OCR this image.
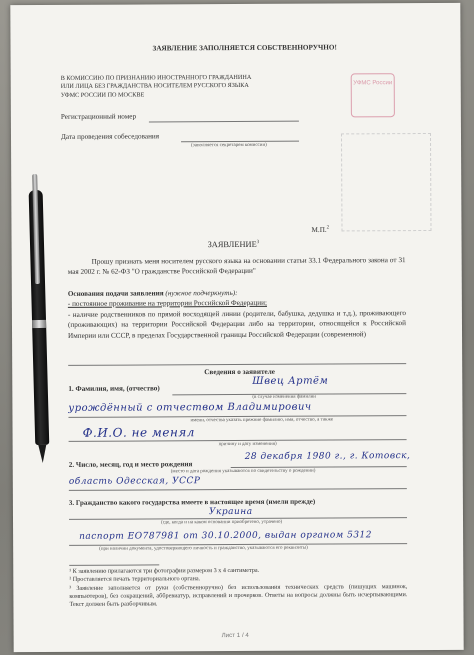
ЗАЯВЛЕНИЕ ЗАПОЛНЯЕТСЯ СОБСТВЕННОРУЧНО!
В КОМИССИЮ ПО ПРИЗНАНИЮ ИНОСТРАННОГО ГРАЖДАНИНА
ИЛИ ЛИЦА БЕЗ ГРАЖДАНСТВА НОСИТЕЛЕМ РУССКОГО ЯЗЫКА
УФМС РОССИИ ПО МОСКВЕ
УФМС России
Регистрационный номер
Дата проведения собеседования
(заполняется секретарем комиссии)
М.П.$^2$
ЗАЯВЛЕНИЕ$^3$
Прошу признать меня носителем русского языка на основании статьи 33.1 Федерального закона от 31 мая 2002 г. № 62-ФЗ "О гражданстве Российской Федерации"
Основания подачи заявления (нужное подчеркнуть):
- постоянное проживание на территории Российской Федерации;
- наличие родственников по прямой восходящей линии (родители, бабушка, дедушка и т.д.), проживающего (проживающих) на территории Российской Федерации либо на территории, относящейся к Российской Империи или СССР, в пределах Государственной границы Российской Федерации (современной)
Сведения о заявителе
1. Фамилия, имя, (отчество)
Швец Артём
(в случае изменения фамилии
урождённый с отчеством Владимирович
имени, отчества указать прежние фамилию, имя, отчество, а также
Ф.И.О. не менял
причину и дату изменения)
2. Число, месяц, год и место рождения
28 декабря 1980 г., г. Котовск,
(место и дата рождения указываются по свидетельству о рождении)
область Одесская, УССР
3. Гражданство какого государства имеете в настоящее время (имели прежде)
Украина
(где, когда и на каком основании приобретено, утрачено)
паспорт ЕО787981 от 30.10.2000, выдан органом 5312
(при наличии документа, удостоверяющего личность и гражданство, указываются его реквизиты)
¹ К заявлению прилагаются три фотографии размером 3 х 4 сантиметра.
² Проставляется печать территориального органа.
³ Заявление заполняется от руки (собственноручно) без использования технических средств (пишущих машинок, компьютеров), без сокращений, аббревиатур, исправлений и прочерков. Ответы на вопросы должны быть исчерпывающими. Текст должен быть разборчивым.
Лист 1 / 4
